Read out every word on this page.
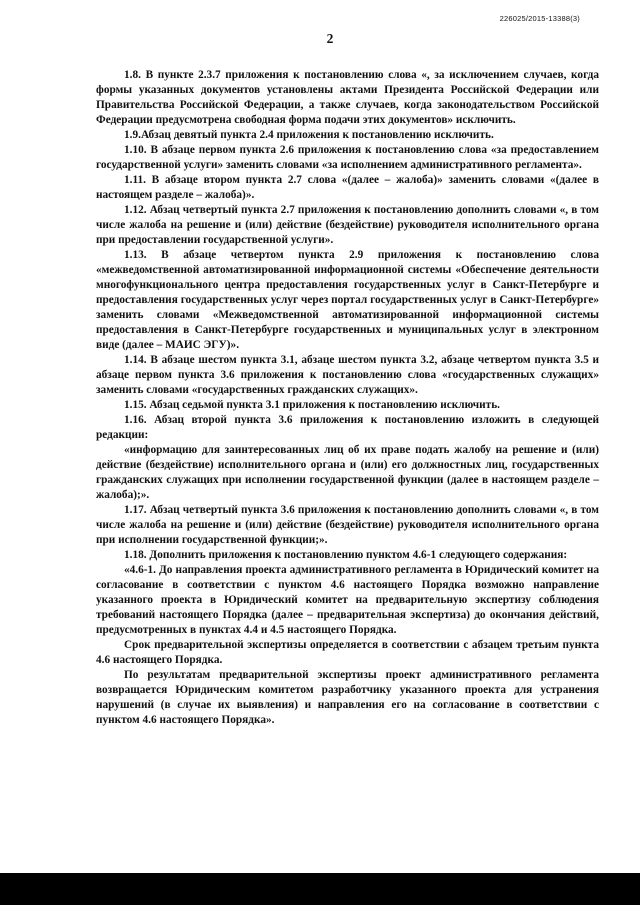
226025/2015-13388(3)
2

1.8. В пункте 2.3.7 приложения к постановлению слова «, за исключением случаев, когда формы указанных документов установлены актами Президента Российской Федерации или Правительства Российской Федерации, а также случаев, когда законодательством Российской Федерации предусмотрена свободная форма подачи этих документов» исключить.

1.9.Абзац девятый пункта 2.4 приложения к постановлению исключить.

1.10. В абзаце первом пункта 2.6 приложения к постановлению слова «за предоставлением государственной услуги» заменить словами «за исполнением административного регламента».

1.11. В абзаце втором пункта 2.7 слова «(далее – жалоба)» заменить словами «(далее в настоящем разделе – жалоба)».

1.12. Абзац четвертый пункта 2.7 приложения к постановлению дополнить словами «, в том числе жалоба на решение и (или) действие (бездействие) руководителя исполнительного органа при предоставлении государственной услуги».

1.13. В абзаце четвертом пункта 2.9 приложения к постановлению слова «межведомственной автоматизированной информационной системы «Обеспечение деятельности многофункционального центра предоставления государственных услуг в Санкт-Петербурге и предоставления государственных услуг через портал государственных услуг в Санкт-Петербурге» заменить словами «Межведомственной автоматизированной информационной системы предоставления в Санкт-Петербурге государственных и муниципальных услуг в электронном виде (далее – МАИС ЭГУ)».

1.14. В абзаце шестом пункта 3.1, абзаце шестом пункта 3.2, абзаце четвертом пункта 3.5 и абзаце первом пункта 3.6 приложения к постановлению слова «государственных служащих» заменить словами «государственных гражданских служащих».

1.15. Абзац седьмой пункта 3.1 приложения к постановлению исключить.

1.16. Абзац второй пункта 3.6 приложения к постановлению изложить в следующей редакции:

«информацию для заинтересованных лиц об их праве подать жалобу на решение и (или) действие (бездействие) исполнительного органа и (или) его должностных лиц, государственных гражданских служащих при исполнении государственной функции (далее в настоящем разделе – жалоба);».

1.17. Абзац четвертый пункта 3.6 приложения к постановлению дополнить словами «, в том числе жалоба на решение и (или) действие (бездействие) руководителя исполнительного органа при исполнении государственной функции;».

1.18. Дополнить приложения к постановлению пунктом 4.6-1 следующего содержания:

«4.6-1. До направления проекта административного регламента в Юридический комитет на согласование в соответствии с пунктом 4.6 настоящего Порядка возможно направление указанного проекта в Юридический комитет на предварительную экспертизу соблюдения требований настоящего Порядка (далее – предварительная экспертиза) до окончания действий, предусмотренных в пунктах 4.4 и 4.5 настоящего Порядка.

Срок предварительной экспертизы определяется в соответствии с абзацем третьим пункта 4.6 настоящего Порядка.

По результатам предварительной экспертизы проект административного регламента возвращается Юридическим комитетом разработчику указанного проекта для устранения нарушений (в случае их выявления) и направления его на согласование в соответствии с пунктом 4.6 настоящего Порядка».
